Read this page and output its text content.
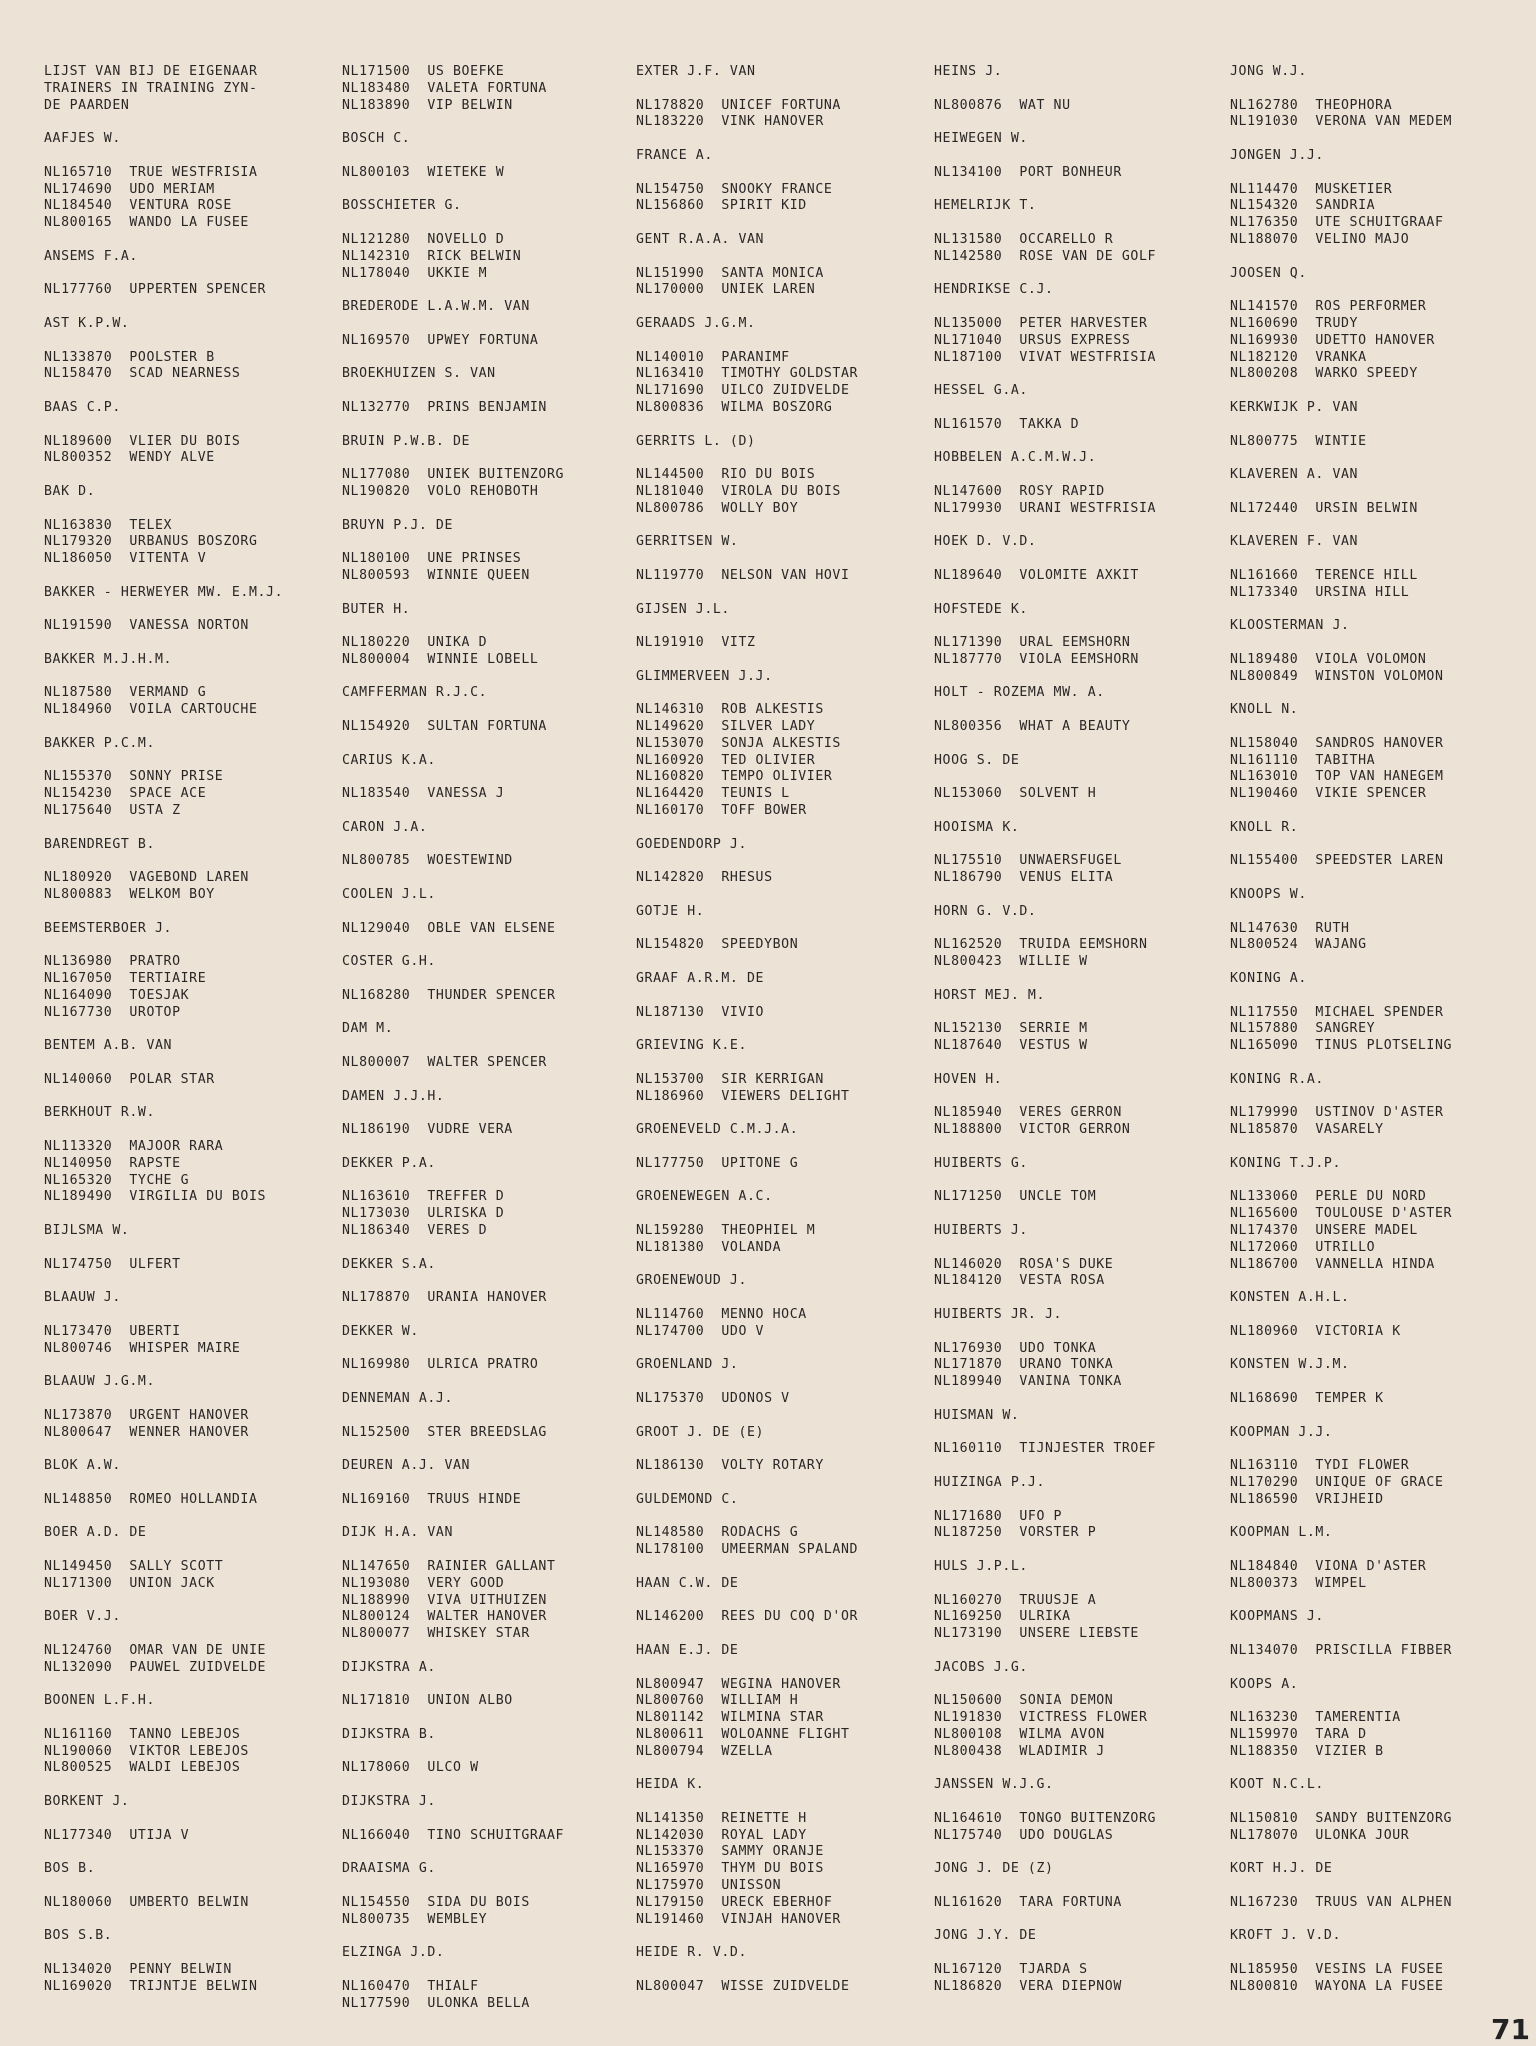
LIJST VAN BIJ DE EIGENAAR
TRAINERS IN TRAINING ZYN-
DE PAARDEN
AAFJES W.
NL165710  TRUE WESTFRISIA
NL174690  UDO MERIAM
NL184540  VENTURA ROSE
NL800165  WANDO LA FUSEE
ANSEMS F.A.
NL177760  UPPERTEN SPENCER
AST K.P.W.
NL133870  POOLSTER B
NL158470  SCAD NEARNESS
BAAS C.P.
NL189600  VLIER DU BOIS
NL800352  WENDY ALVE
BAK D.
NL163830  TELEX
NL179320  URBANUS BOSZORG
NL186050  VITENTA V
BAKKER - HERWEYER MW. E.M.J.
NL191590  VANESSA NORTON
BAKKER M.J.H.M.
NL187580  VERMAND G
NL184960  VOILA CARTOUCHE
BAKKER P.C.M.
NL155370  SONNY PRISE
NL154230  SPACE ACE
NL175640  USTA Z
BARENDREGT B.
NL180920  VAGEBOND LAREN
NL800883  WELKOM BOY
BEEMSTERBOER J.
NL136980  PRATRO
NL167050  TERTIAIRE
NL164090  TOESJAK
NL167730  UROTOP
BENTEM A.B. VAN
NL140060  POLAR STAR
BERKHOUT R.W.
NL113320  MAJOOR RARA
NL140950  RAPSTE
NL165320  TYCHE G
NL189490  VIRGILIA DU BOIS
BIJLSMA W.
NL174750  ULFERT
BLAAUW J.
NL173470  UBERTI
NL800746  WHISPER MAIRE
BLAAUW J.G.M.
NL173870  URGENT HANOVER
NL800647  WENNER HANOVER
BLOK A.W.
NL148850  ROMEO HOLLANDIA
BOER A.D. DE
NL149450  SALLY SCOTT
NL171300  UNION JACK
BOER V.J.
NL124760  OMAR VAN DE UNIE
NL132090  PAUWEL ZUIDVELDE
BOONEN L.F.H.
NL161160  TANNO LEBEJOS
NL190060  VIKTOR LEBEJOS
NL800525  WALDI LEBEJOS
BORKENT J.
NL177340  UTIJA V
BOS B.
NL180060  UMBERTO BELWIN
BOS S.B.
NL134020  PENNY BELWIN
NL169020  TRIJNTJE BELWIN
NL171500  US BOEFKE
NL183480  VALETA FORTUNA
NL183890  VIP BELWIN
BOSCH C.
NL800103  WIETEKE W
BOSSCHIETER G.
NL121280  NOVELLO D
NL142310  RICK BELWIN
NL178040  UKKIE M
BREDERODE L.A.W.M. VAN
NL169570  UPWEY FORTUNA
BROEKHUIZEN S. VAN
NL132770  PRINS BENJAMIN
BRUIN P.W.B. DE
NL177080  UNIEK BUITENZORG
NL190820  VOLO REHOBOTH
BRUYN P.J. DE
NL180100  UNE PRINSES
NL800593  WINNIE QUEEN
BUTER H.
NL180220  UNIKA D
NL800004  WINNIE LOBELL
CAMFFERMAN R.J.C.
NL154920  SULTAN FORTUNA
CARIUS K.A.
NL183540  VANESSA J
CARON J.A.
NL800785  WOESTEWIND
COOLEN J.L.
NL129040  OBLE VAN ELSENE
COSTER G.H.
NL168280  THUNDER SPENCER
DAM M.
NL800007  WALTER SPENCER
DAMEN J.J.H.
NL186190  VUDRE VERA
DEKKER P.A.
NL163610  TREFFER D
NL173030  ULRISKA D
NL186340  VERES D
DEKKER S.A.
NL178870  URANIA HANOVER
DEKKER W.
NL169980  ULRICA PRATRO
DENNEMAN A.J.
NL152500  STER BREEDSLAG
DEUREN A.J. VAN
NL169160  TRUUS HINDE
DIJK H.A. VAN
NL147650  RAINIER GALLANT
NL193080  VERY GOOD
NL188990  VIVA UITHUIZEN
NL800124  WALTER HANOVER
NL800077  WHISKEY STAR
DIJKSTRA A.
NL171810  UNION ALBO
DIJKSTRA B.
NL178060  ULCO W
DIJKSTRA J.
NL166040  TINO SCHUITGRAAF
DRAAISMA G.
NL154550  SIDA DU BOIS
NL800735  WEMBLEY
ELZINGA J.D.
NL160470  THIALF
NL177590  ULONKA BELLA
EXTER J.F. VAN
NL178820  UNICEF FORTUNA
NL183220  VINK HANOVER
FRANCE A.
NL154750  SNOOKY FRANCE
NL156860  SPIRIT KID
GENT R.A.A. VAN
NL151990  SANTA MONICA
NL170000  UNIEK LAREN
GERAADS J.G.M.
NL140010  PARANIMF
NL163410  TIMOTHY GOLDSTAR
NL171690  UILCO ZUIDVELDE
NL800836  WILMA BOSZORG
GERRITS L. (D)
NL144500  RIO DU BOIS
NL181040  VIROLA DU BOIS
NL800786  WOLLY BOY
GERRITSEN W.
NL119770  NELSON VAN HOVI
GIJSEN J.L.
NL191910  VITZ
GLIMMERVEEN J.J.
NL146310  ROB ALKESTIS
NL149620  SILVER LADY
NL153070  SONJA ALKESTIS
NL160920  TED OLIVIER
NL160820  TEMPO OLIVIER
NL164420  TEUNIS L
NL160170  TOFF BOWER
GOEDENDORP J.
NL142820  RHESUS
GOTJE H.
NL154820  SPEEDYBON
GRAAF A.R.M. DE
NL187130  VIVIO
GRIEVING K.E.
NL153700  SIR KERRIGAN
NL186960  VIEWERS DELIGHT
GROENEVELD C.M.J.A.
NL177750  UPITONE G
GROENEWEGEN A.C.
NL159280  THEOPHIEL M
NL181380  VOLANDA
GROENEWOUD J.
NL114760  MENNO HOCA
NL174700  UDO V
GROENLAND J.
NL175370  UDONOS V
GROOT J. DE (E)
NL186130  VOLTY ROTARY
GULDEMOND C.
NL148580  RODACHS G
NL178100  UMEERMAN SPALAND
HAAN C.W. DE
NL146200  REES DU COQ D'OR
HAAN E.J. DE
NL800947  WEGINA HANOVER
NL800760  WILLIAM H
NL801142  WILMINA STAR
NL800611  WOLOANNE FLIGHT
NL800794  WZELLA
HEIDA K.
NL141350  REINETTE H
NL142030  ROYAL LADY
NL153370  SAMMY ORANJE
NL165970  THYM DU BOIS
NL175970  UNISSON
NL179150  URECK EBERHOF
NL191460  VINJAH HANOVER
HEIDE R. V.D.
NL800047  WISSE ZUIDVELDE
HEINS J.
NL800876  WAT NU
HEIWEGEN W.
NL134100  PORT BONHEUR
HEMELRIJK T.
NL131580  OCCARELLO R
NL142580  ROSE VAN DE GOLF
HENDRIKSE C.J.
NL135000  PETER HARVESTER
NL171040  URSUS EXPRESS
NL187100  VIVAT WESTFRISIA
HESSEL G.A.
NL161570  TAKKA D
HOBBELEN A.C.M.W.J.
NL147600  ROSY RAPID
NL179930  URANI WESTFRISIA
HOEK D. V.D.
NL189640  VOLOMITE AXKIT
HOFSTEDE K.
NL171390  URAL EEMSHORN
NL187770  VIOLA EEMSHORN
HOLT - ROZEMA MW. A.
NL800356  WHAT A BEAUTY
HOOG S. DE
NL153060  SOLVENT H
HOOISMA K.
NL175510  UNWAERSFUGEL
NL186790  VENUS ELITA
HORN G. V.D.
NL162520  TRUIDA EEMSHORN
NL800423  WILLIE W
HORST MEJ. M.
NL152130  SERRIE M
NL187640  VESTUS W
HOVEN H.
NL185940  VERES GERRON
NL188800  VICTOR GERRON
HUIBERTS G.
NL171250  UNCLE TOM
HUIBERTS J.
NL146020  ROSA'S DUKE
NL184120  VESTA ROSA
HUIBERTS JR. J.
NL176930  UDO TONKA
NL171870  URANO TONKA
NL189940  VANINA TONKA
HUISMAN W.
NL160110  TIJNJESTER TROEF
HUIZINGA P.J.
NL171680  UFO P
NL187250  VORSTER P
HULS J.P.L.
NL160270  TRUUSJE A
NL169250  ULRIKA
NL173190  UNSERE LIEBSTE
JACOBS J.G.
NL150600  SONIA DEMON
NL191830  VICTRESS FLOWER
NL800108  WILMA AVON
NL800438  WLADIMIR J
JANSSEN W.J.G.
NL164610  TONGO BUITENZORG
NL175740  UDO DOUGLAS
JONG J. DE (Z)
NL161620  TARA FORTUNA
JONG J.Y. DE
NL167120  TJARDA S
NL186820  VERA DIEPNOW
JONG W.J.
NL162780  THEOPHORA
NL191030  VERONA VAN MEDEM
JONGEN J.J.
NL114470  MUSKETIER
NL154320  SANDRIA
NL176350  UTE SCHUITGRAAF
NL188070  VELINO MAJO
JOOSEN Q.
NL141570  ROS PERFORMER
NL160690  TRUDY
NL169930  UDETTO HANOVER
NL182120  VRANKA
NL800208  WARKO SPEEDY
KERKWIJK P. VAN
NL800775  WINTIE
KLAVEREN A. VAN
NL172440  URSIN BELWIN
KLAVEREN F. VAN
NL161660  TERENCE HILL
NL173340  URSINA HILL
KLOOSTERMAN J.
NL189480  VIOLA VOLOMON
NL800849  WINSTON VOLOMON
KNOLL N.
NL158040  SANDROS HANOVER
NL161110  TABITHA
NL163010  TOP VAN HANEGEM
NL190460  VIKIE SPENCER
KNOLL R.
NL155400  SPEEDSTER LAREN
KNOOPS W.
NL147630  RUTH
NL800524  WAJANG
KONING A.
NL117550  MICHAEL SPENDER
NL157880  SANGREY
NL165090  TINUS PLOTSELING
KONING R.A.
NL179990  USTINOV D'ASTER
NL185870  VASARELY
KONING T.J.P.
NL133060  PERLE DU NORD
NL165600  TOULOUSE D'ASTER
NL174370  UNSERE MADEL
NL172060  UTRILLO
NL186700  VANNELLA HINDA
KONSTEN A.H.L.
NL180960  VICTORIA K
KONSTEN W.J.M.
NL168690  TEMPER K
KOOPMAN J.J.
NL163110  TYDI FLOWER
NL170290  UNIQUE OF GRACE
NL186590  VRIJHEID
KOOPMAN L.M.
NL184840  VIONA D'ASTER
NL800373  WIMPEL
KOOPMANS J.
NL134070  PRISCILLA FIBBER
KOOPS A.
NL163230  TAMERENTIA
NL159970  TARA D
NL188350  VIZIER B
KOOT N.C.L.
NL150810  SANDY BUITENZORG
NL178070  ULONKA JOUR
KORT H.J. DE
NL167230  TRUUS VAN ALPHEN
KROFT J. V.D.
NL185950  VESINS LA FUSEE
NL800810  WAYONA LA FUSEE
71
